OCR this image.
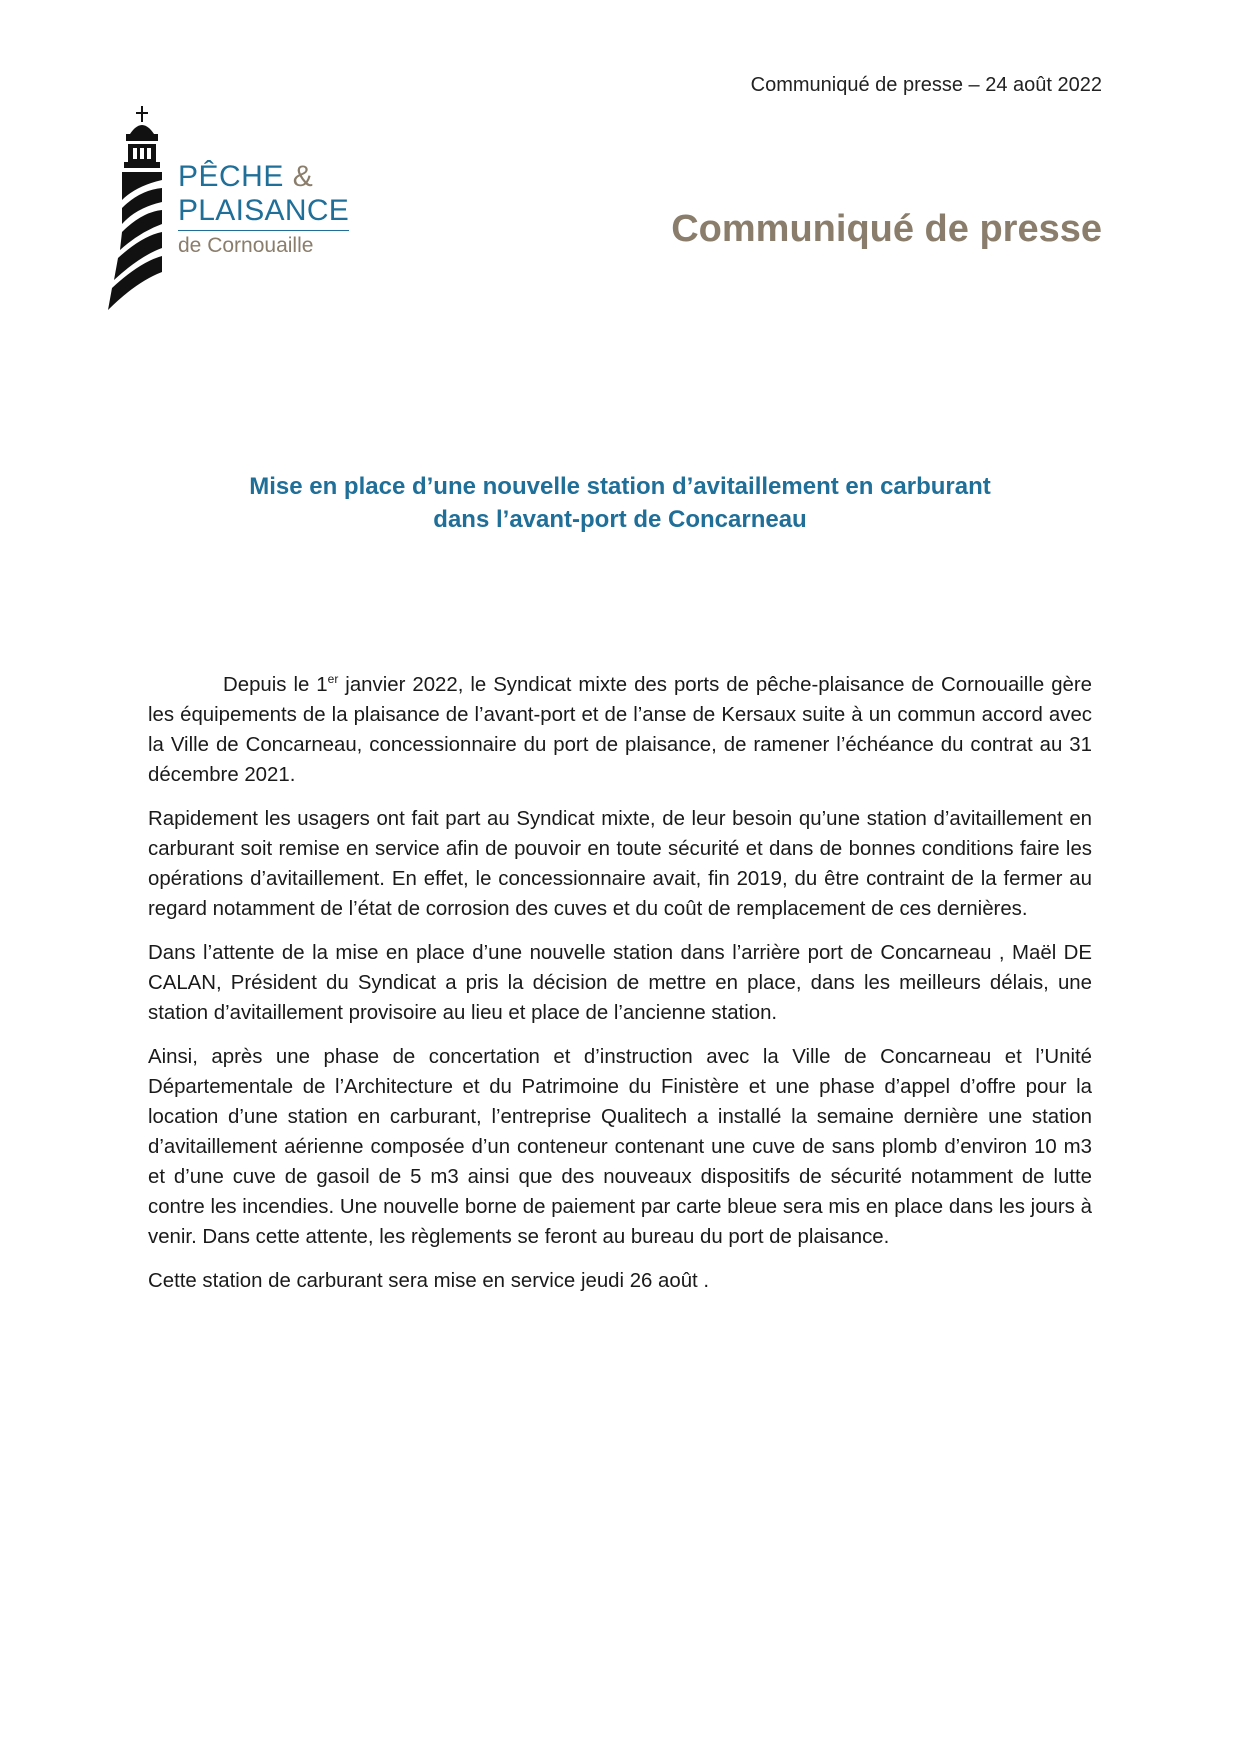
Communiqué de presse – 24 août 2022
PÊCHE &
PLAISANCE
de Cornouaille	Communiqué de presse
Mise en place d’une nouvelle station d’avitaillement en carburant
dans l’avant-port de Concarneau

Depuis le 1er janvier 2022, le Syndicat mixte des ports de pêche-plaisance de Cornouaille gère les équipements de la plaisance de l’avant-port et de l’anse de Kersaux suite à un commun accord avec la Ville de Concarneau, concessionnaire du port de plaisance, de ramener l’échéance du contrat au 31 décembre 2021.

Rapidement les usagers ont fait part au Syndicat mixte, de leur besoin qu’une station d’avitaillement en carburant soit remise en service afin de pouvoir en toute sécurité et dans de bonnes conditions faire les opérations d’avitaillement. En effet, le concessionnaire avait, fin 2019, du être contraint de la fermer au regard notamment de l’état de corrosion des cuves et du coût de remplacement de ces dernières.

Dans l’attente de la mise en place d’une nouvelle station dans l’arrière port de Concarneau , Maël DE CALAN, Président du Syndicat a pris la décision de mettre en place, dans les meilleurs délais, une station d’avitaillement provisoire au lieu et place de l’ancienne station.

Ainsi, après une phase de concertation et d’instruction avec la Ville de Concarneau et l’Unité Départementale de l’Architecture et du Patrimoine du Finistère et une phase d’appel d’offre pour la location d’une station en carburant, l’entreprise Qualitech a installé la semaine dernière une station d’avitaillement aérienne composée d’un conteneur contenant une cuve de sans plomb d’environ 10 m3 et d’une cuve de gasoil de 5 m3 ainsi que des nouveaux dispositifs de sécurité notamment de lutte contre les incendies. Une nouvelle borne de paiement par carte bleue sera mis en place dans les jours à venir. Dans cette attente, les règlements se feront au bureau du port de plaisance.

Cette station de carburant sera mise en service jeudi 26 août .
